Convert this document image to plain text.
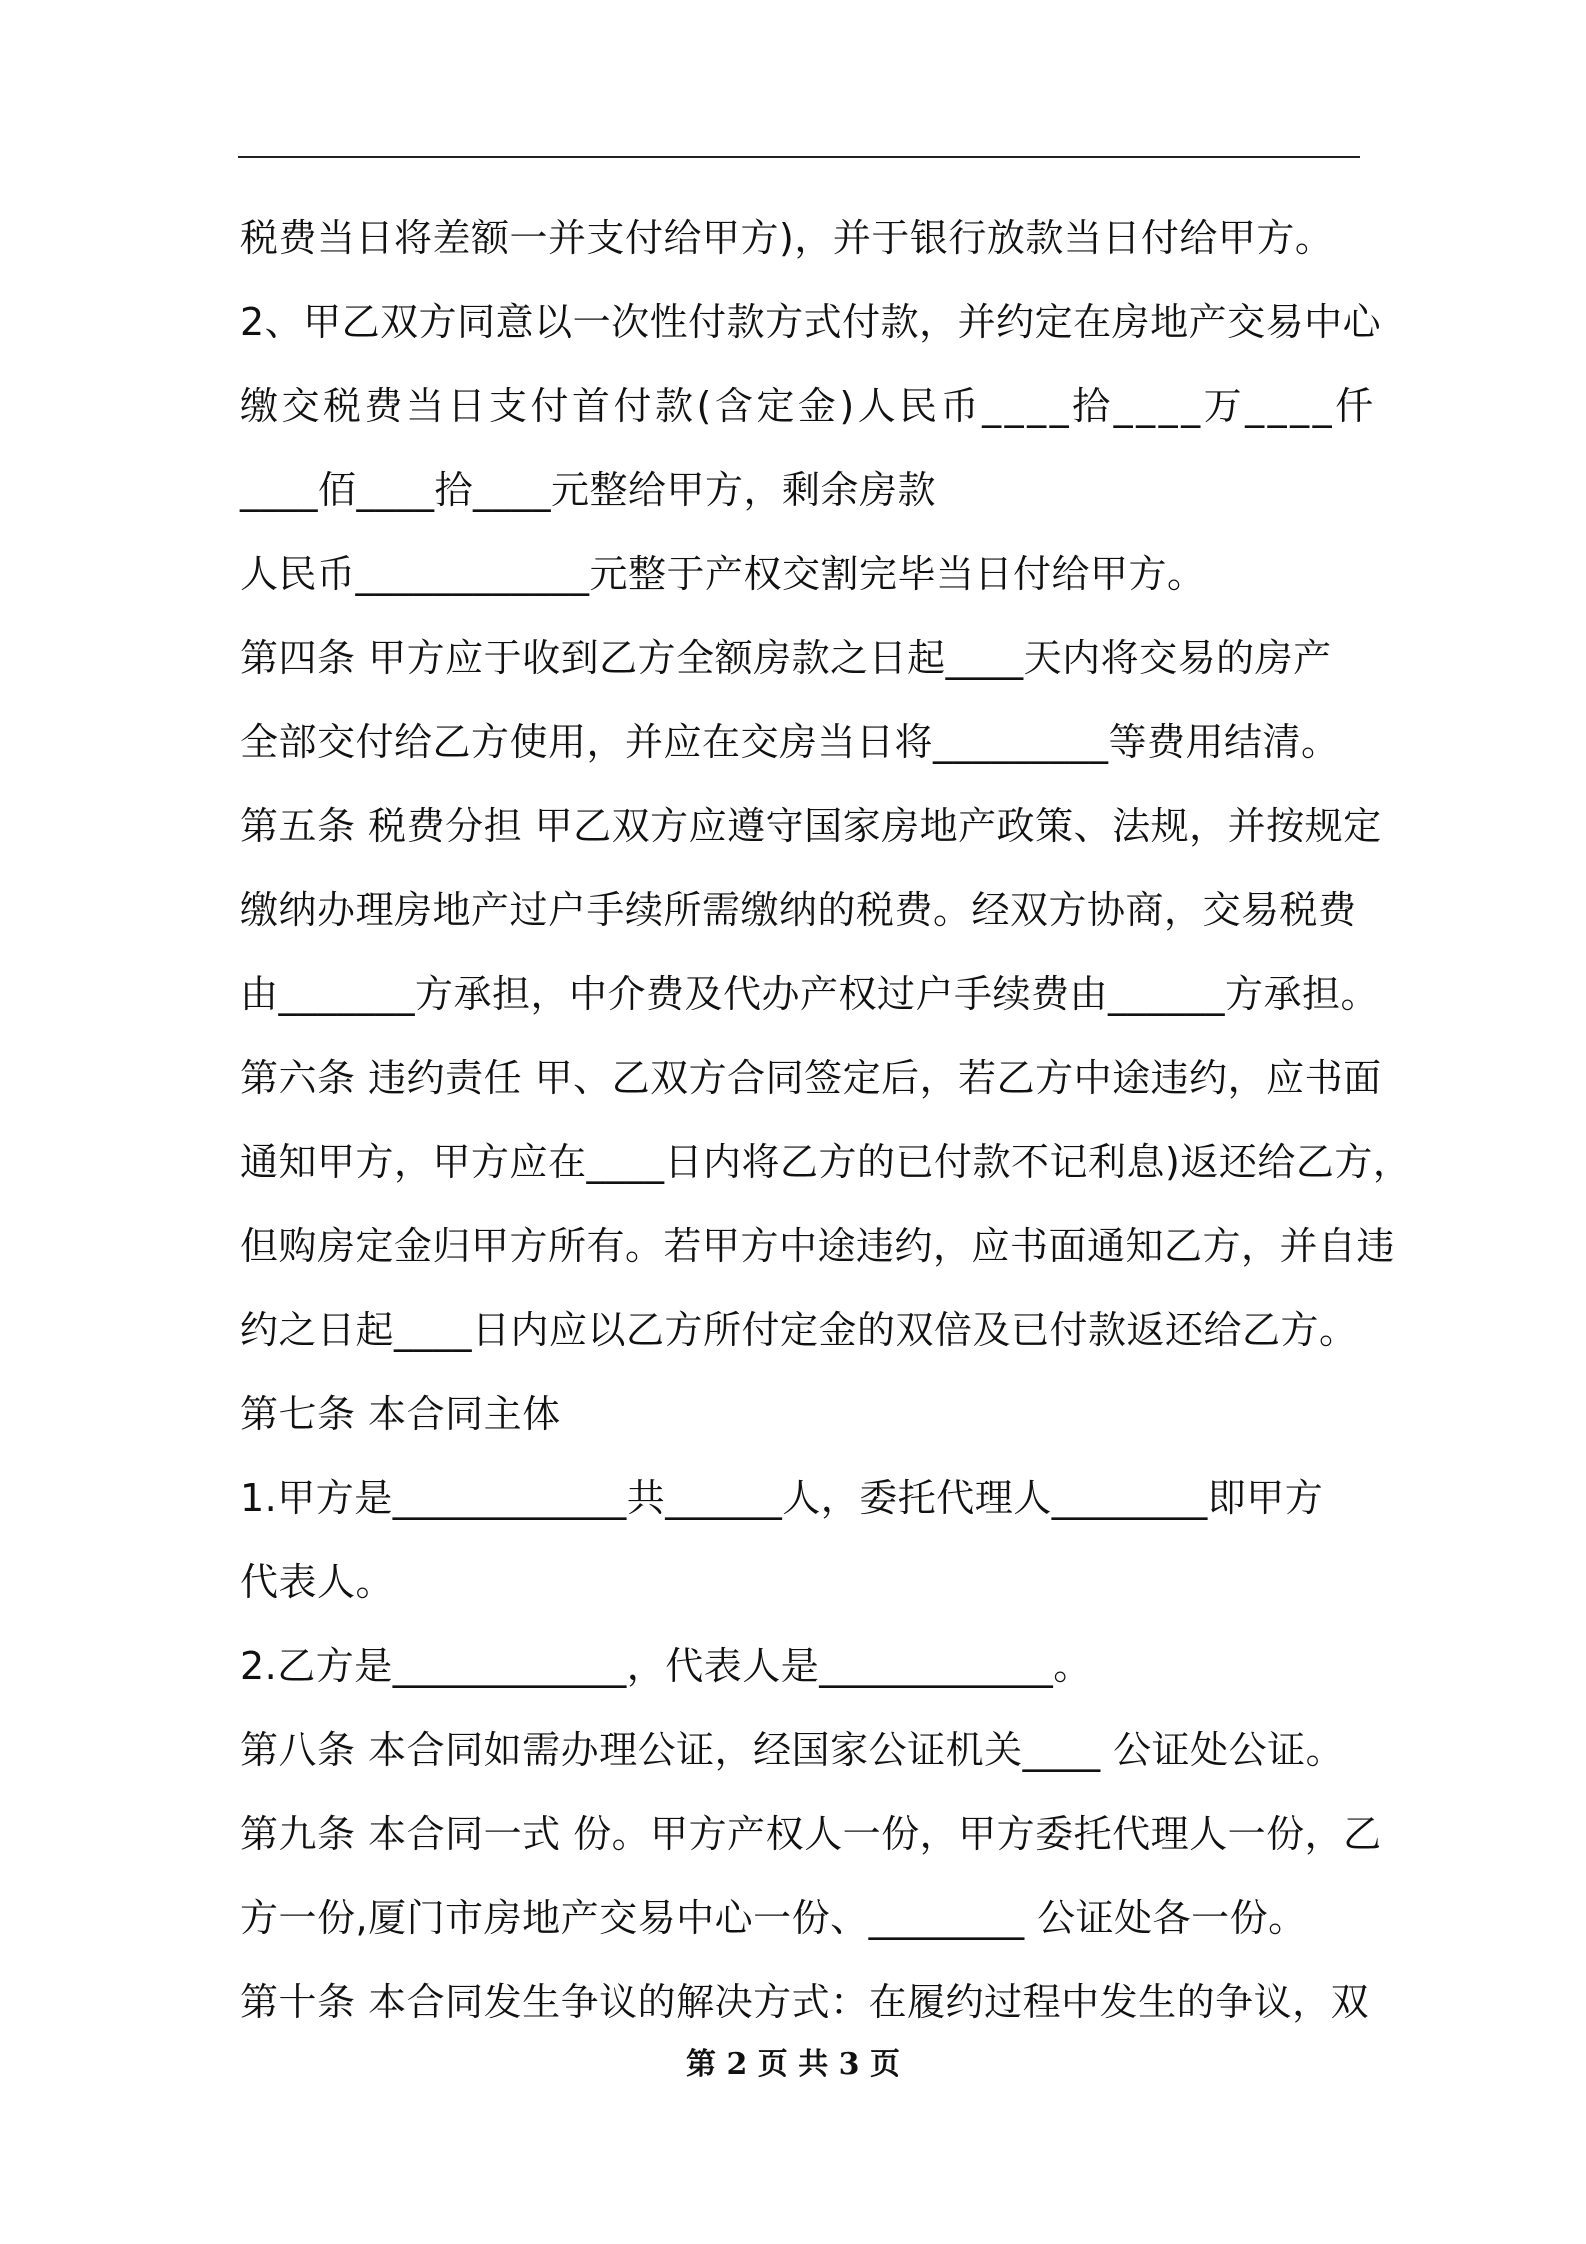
税费当日将差额一并支付给甲方)，并于银行放款当日付给甲方。
2、甲乙双方同意以一次性付款方式付款，并约定在房地产交易中心
缴交税费当日支付首付款(含定金)人民币____拾____万____仟
____佰____拾____元整给甲方，剩余房款
人民币____________元整于产权交割完毕当日付给甲方。
第四条 甲方应于收到乙方全额房款之日起____天内将交易的房产
全部交付给乙方使用，并应在交房当日将_________等费用结清。
第五条 税费分担 甲乙双方应遵守国家房地产政策、法规，并按规定
缴纳办理房地产过户手续所需缴纳的税费。经双方协商，交易税费
由_______方承担，中介费及代办产权过户手续费由______方承担。
第六条 违约责任 甲、乙双方合同签定后，若乙方中途违约，应书面
通知甲方，甲方应在____日内将乙方的已付款不记利息)返还给乙方，
但购房定金归甲方所有。若甲方中途违约，应书面通知乙方，并自违
约之日起____日内应以乙方所付定金的双倍及已付款返还给乙方。
第七条 本合同主体
1.甲方是____________共______人，委托代理人________即甲方
代表人。
2.乙方是____________，代表人是____________。
第八条 本合同如需办理公证，经国家公证机关____ 公证处公证。
第九条 本合同一式 份。甲方产权人一份，甲方委托代理人一份，乙
方一份,厦门市房地产交易中心一份、________ 公证处各一份。
第十条 本合同发生争议的解决方式：在履约过程中发生的争议，双
第 2 页 共 3 页
